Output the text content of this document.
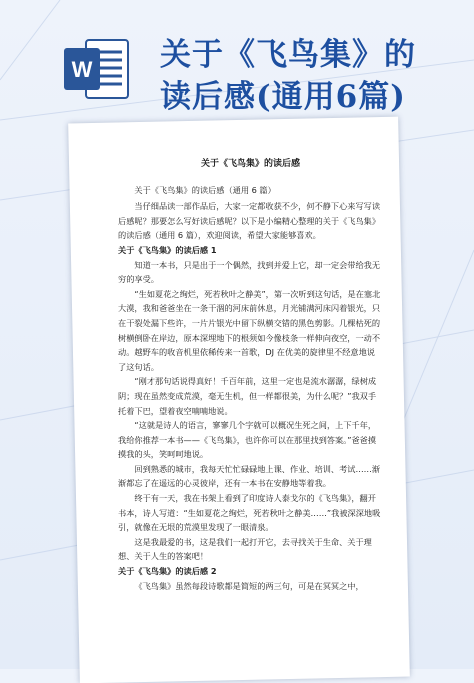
W 关于《飞鸟集》的
读后感(通用6篇)

关于《飞鸟集》的读后感

关于《飞鸟集》的读后感（通用 6 篇）

当仔细品读一部作品后，大家一定都收获不少，何不静下心来写写读后感呢？那要怎么写好读后感呢？以下是小编精心整理的关于《飞鸟集》的读后感（通用 6 篇），欢迎阅读，希望大家能够喜欢。

关于《飞鸟集》的读后感 1

知道一本书，只是出于一个偶然，找到并爱上它，却一定会带给我无穷的享受。

“生如夏花之绚烂，死若秋叶之静美”，第一次听到这句话，是在塞北大漠，我和爸爸坐在一条干涸的河床前休息，月光铺满河床闪着银光，只在干裂处漏下些许，一片片银光中留下纵横交错的黑色剪影。几棵枯死的树横倒卧在岸边，原本深埋地下的根须如今像枝条一样伸向夜空，一动不动。越野车的收音机里依稀传来一首歌，DJ 在优美的旋律里不经意地说了这句话。

“刚才那句话说得真好！千百年前，这里一定也是流水潺潺，绿树成阴；现在虽然变成荒漠，毫无生机，但一样都很美，为什么呢？”我双手托着下巴，望着夜空喃喃地说。

“这就是诗人的语言，寥寥几个字就可以概况生死之间，上下千年，我给你推荐一本书——《飞鸟集》，也许你可以在那里找到答案。”爸爸摸摸我的头，笑呵呵地说。

回到熟悉的城市，我每天忙忙碌碌地上课、作业、培训、考试……渐渐都忘了在遥远的心灵彼岸，还有一本书在安静地等着我。

终于有一天，我在书架上看到了印度诗人泰戈尔的《飞鸟集》，翻开书本，诗人写道：“生如夏花之绚烂，死若秋叶之静美……”我被深深地吸引，就像在无垠的荒漠里发现了一眼清泉。

这是我最爱的书，这是我们一起打开它，去寻找关于生命、关于理想、关于人生的答案吧！

关于《飞鸟集》的读后感 2

《飞鸟集》虽然每段诗歌都是简短的两三句，可是在冥冥之中，
